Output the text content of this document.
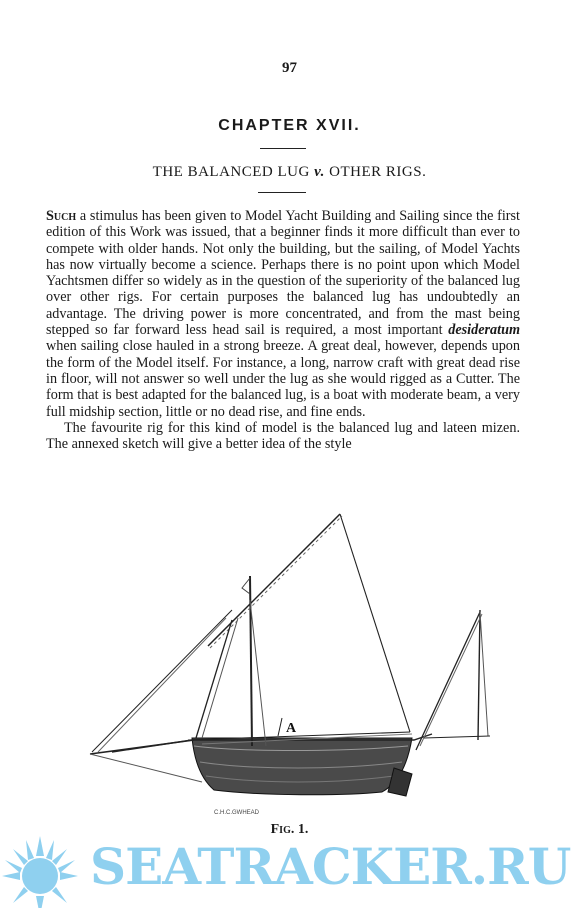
97
CHAPTER XVII.
THE BALANCED LUG v. OTHER RIGS.

Such a stimulus has been given to Model Yacht Building and Sailing since the first edition of this Work was issued, that a beginner finds it more difficult than ever to compete with older hands. Not only the building, but the sailing, of Model Yachts has now virtually become a science. Perhaps there is no point upon which Model Yachtsmen differ so widely as in the question of the superiority of the balanced lug over other rigs. For certain purposes the balanced lug has undoubtedly an advantage. The driving power is more concentrated, and from the mast being stepped so far forward less head sail is required, a most important desideratum when sailing close hauled in a strong breeze. A great deal, however, depends upon the form of the Model itself. For instance, a long, narrow craft with great dead rise in floor, will not answer so well under the lug as she would rigged as a Cutter. The form that is best adapted for the balanced lug, is a boat with moderate beam, a very full midship section, little or no dead rise, and fine ends.

The favourite rig for this kind of model is the balanced lug and lateen mizen. The annexed sketch will give a better idea of the style

A
C.H.C.GWHEAD
Fig. 1.
SEATRACKER.RU
